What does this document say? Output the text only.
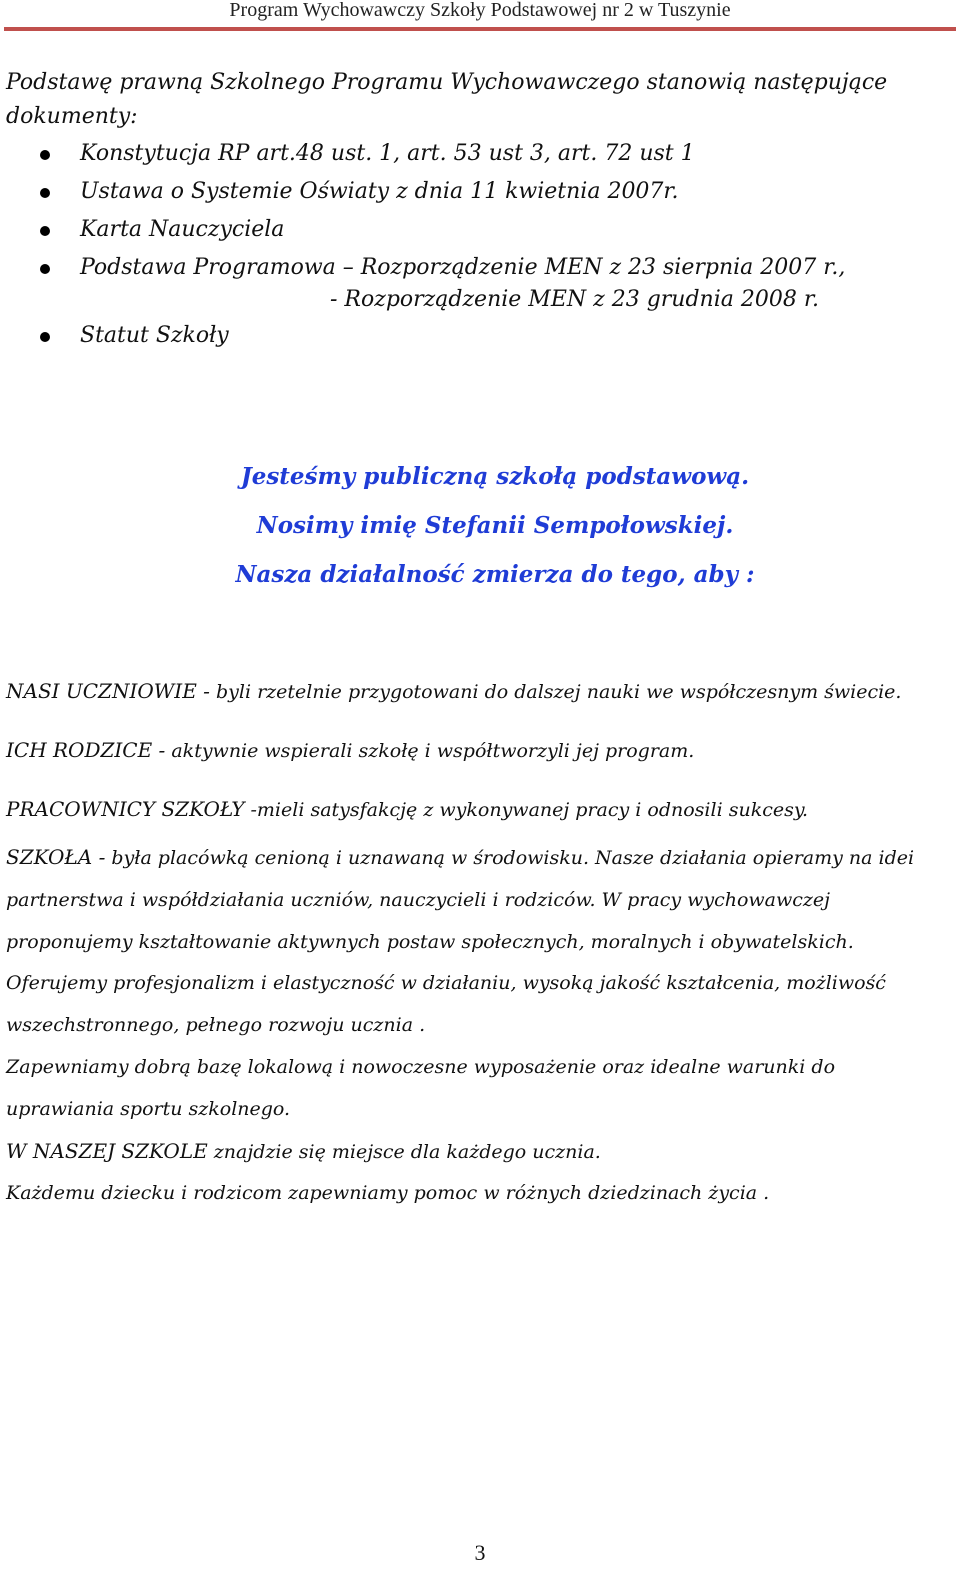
Program Wychowawczy Szkoły Podstawowej nr 2 w Tuszynie
Podstawę prawną Szkolnego Programu Wychowawczego stanowią następujące dokumenty:
Konstytucja RP art.48 ust. 1, art. 53 ust 3, art. 72 ust 1
Ustawa o Systemie Oświaty z dnia 11 kwietnia 2007r.
Karta Nauczyciela
Podstawa Programowa – Rozporządzenie MEN z 23 sierpnia 2007 r.,
- Rozporządzenie MEN z 23 grudnia 2008 r.
Statut Szkoły
Jesteśmy publiczną szkołą podstawową.
Nosimy imię Stefanii Sempołowskiej.
Nasza działalność zmierza do tego, aby :
NASI UCZNIOWIE - byli rzetelnie przygotowani do dalszej nauki we współczesnym świecie.
ICH RODZICE - aktywnie wspierali szkołę i współtworzyli jej program.
PRACOWNICY SZKOŁY -mieli satysfakcję z wykonywanej pracy i odnosili sukcesy.
SZKOŁA - była placówką cenioną i uznawaną w środowisku. Nasze działania opieramy na idei partnerstwa i współdziałania uczniów, nauczycieli i rodziców. W pracy wychowawczej proponujemy kształtowanie aktywnych postaw społecznych, moralnych i obywatelskich.
Oferujemy profesjonalizm i elastyczność w działaniu, wysoką jakość kształcenia, możliwość wszechstronnego, pełnego rozwoju ucznia .
Zapewniamy dobrą bazę lokalową i nowoczesne wyposażenie oraz idealne warunki do uprawiania sportu szkolnego.
W NASZEJ SZKOLE znajdzie się miejsce dla każdego ucznia.
Każdemu dziecku i rodzicom zapewniamy pomoc w różnych dziedzinach życia .
3
